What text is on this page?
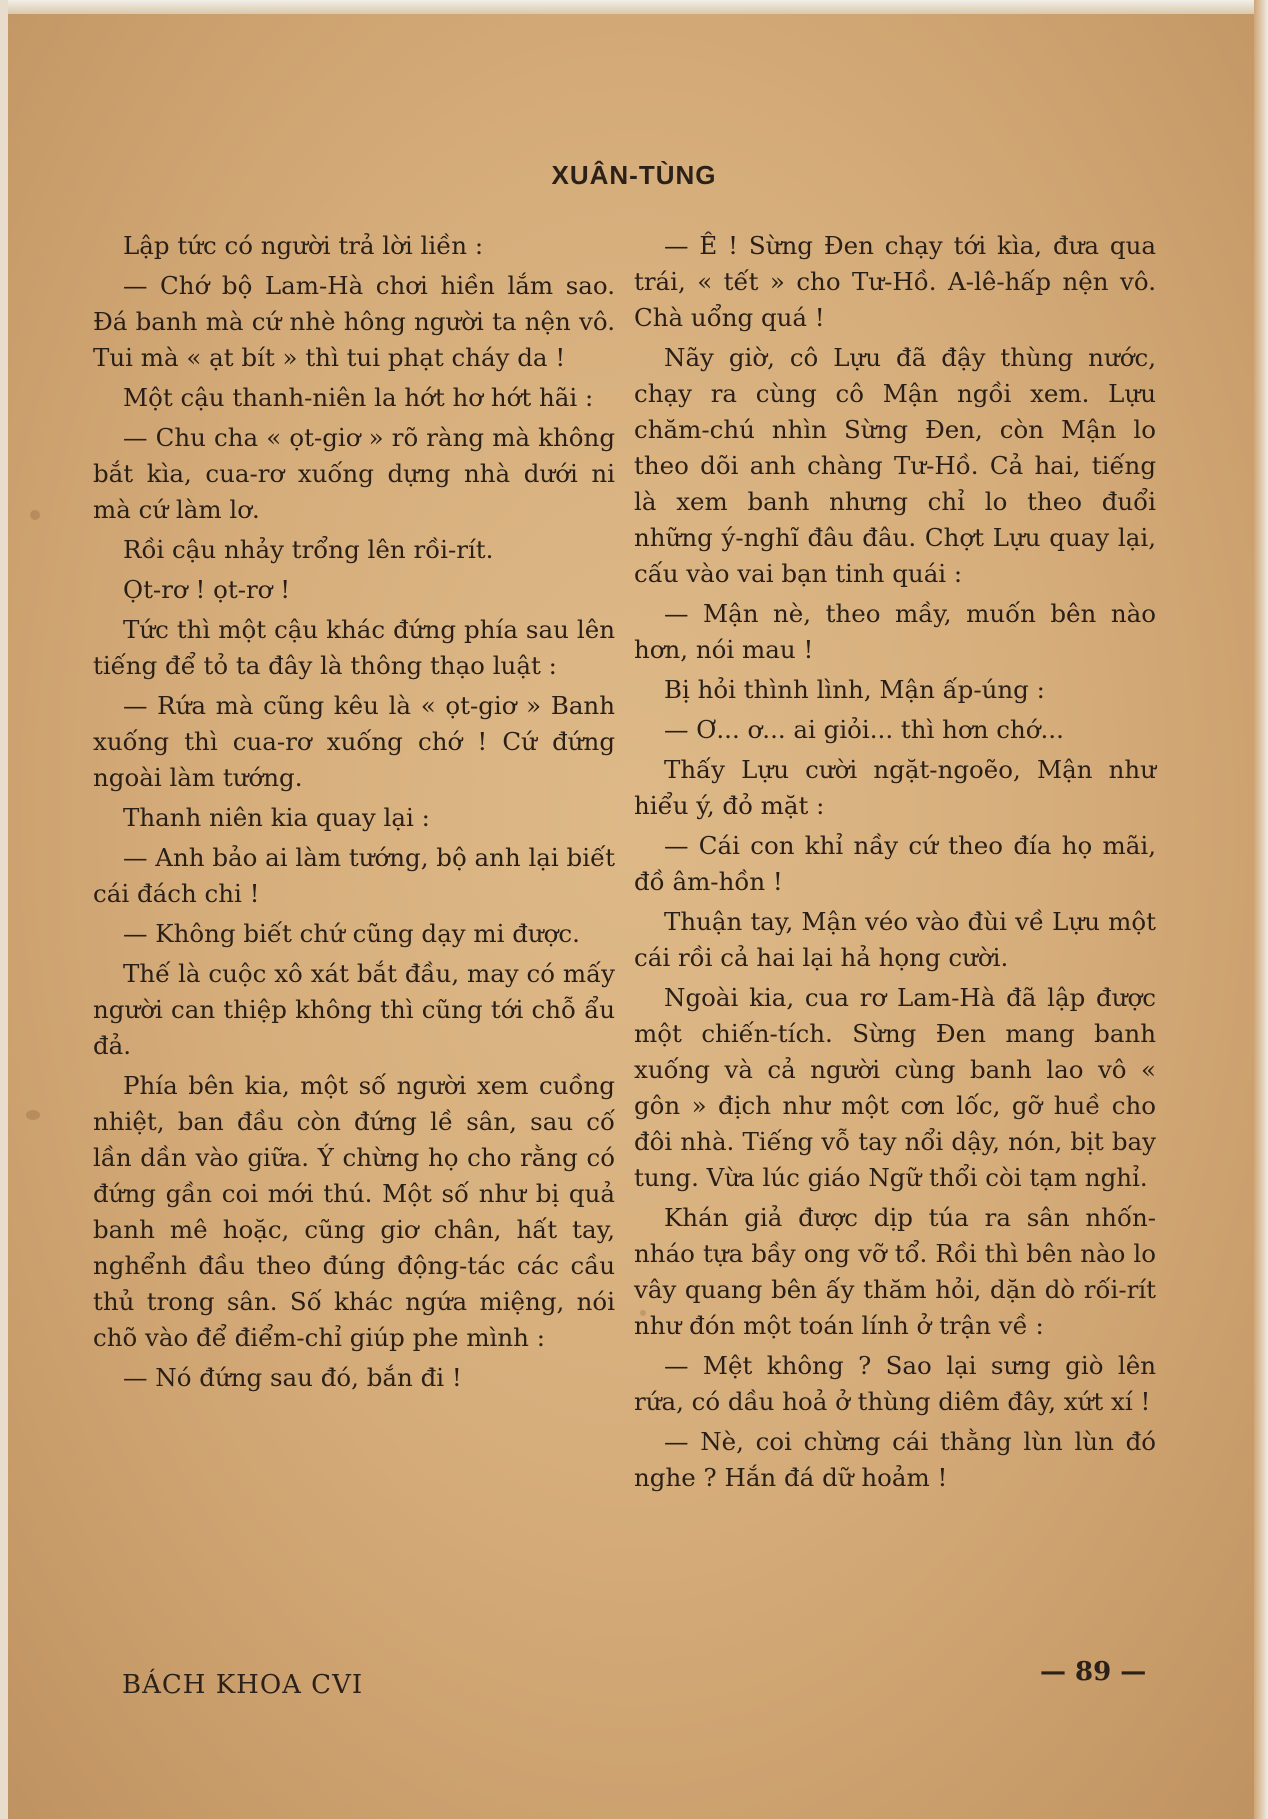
XUÂN-TÙNG

Lập tức có người trả lời liền :

— Chớ bộ Lam-Hà chơi hiền lắm sao. Đá banh mà cứ nhè hông người ta nện vô. Tui mà « ạt bít » thì tui phạt cháy da !

Một cậu thanh-niên la hớt hơ hớt hãi :

— Chu cha « ọt-giơ » rõ ràng mà không bắt kìa, cua-rơ xuống dựng nhà dưới ni mà cứ làm lơ.

Rồi cậu nhảy trổng lên rồi-rít.

Ọt-rơ ! ọt-rơ !

Tức thì một cậu khác đứng phía sau lên tiếng để tỏ ta đây là thông thạo luật :

— Rứa mà cũng kêu là « ọt-giơ » Banh xuống thì cua-rơ xuống chớ ! Cứ đứng ngoài làm tướng.

Thanh niên kia quay lại :

— Anh bảo ai làm tướng, bộ anh lại biết cái đách chi !

— Không biết chứ cũng dạy mi được.

Thế là cuộc xô xát bắt đầu, may có mấy người can thiệp không thì cũng tới chỗ ẩu đả.

Phía bên kia, một số người xem cuồng nhiệt, ban đầu còn đứng lề sân, sau cố lần dần vào giữa. Ý chừng họ cho rằng có đứng gần coi mới thú. Một số như bị quả banh mê hoặc, cũng giơ chân, hất tay, nghểnh đầu theo đúng động-tác các cầu thủ trong sân. Số khác ngứa miệng, nói chõ vào để điểm-chỉ giúp phe mình :

— Nó đứng sau đó, bắn đi !

— Ê ! Sừng Đen chạy tới kìa, đưa qua trái, « tết » cho Tư-Hồ. A-lê-hấp nện vô. Chà uổng quá !

Nãy giờ, cô Lựu đã đậy thùng nước, chạy ra cùng cô Mận ngồi xem. Lựu chăm-chú nhìn Sừng Đen, còn Mận lo theo dõi anh chàng Tư-Hồ. Cả hai, tiếng là xem banh nhưng chỉ lo theo đuổi những ý-nghĩ đâu đâu. Chợt Lựu quay lại, cấu vào vai bạn tinh quái :

— Mận nè, theo mầy, muốn bên nào hơn, nói mau !

Bị hỏi thình lình, Mận ấp-úng :

— Ơ... ơ... ai giỏi... thì hơn chớ...

Thấy Lựu cười ngặt-ngoẽo, Mận như hiểu ý, đỏ mặt :

— Cái con khỉ nầy cứ theo đía họ mãi, đồ âm-hồn !

Thuận tay, Mận véo vào đùi về Lựu một cái rồi cả hai lại hả họng cười.

Ngoài kia, cua rơ Lam-Hà đã lập được một chiến-tích. Sừng Đen mang banh xuống và cả người cùng banh lao vô « gôn » địch như một cơn lốc, gỡ huề cho đôi nhà. Tiếng vỗ tay nổi dậy, nón, bịt bay tung. Vừa lúc giáo Ngữ thổi còi tạm nghỉ.

Khán giả được dịp túa ra sân nhốn-nháo tựa bầy ong vỡ tổ. Rồi thì bên nào lo vây quang bên ấy thăm hỏi, dặn dò rối-rít như đón một toán lính ở trận về :

— Mệt không ? Sao lại sưng giò lên rứa, có dầu hoả ở thùng diêm đây, xứt xí !

— Nè, coi chừng cái thằng lùn lùn đó nghe ? Hắn đá dữ hoảm !

BÁCH KHOA CVI	— 89 —
